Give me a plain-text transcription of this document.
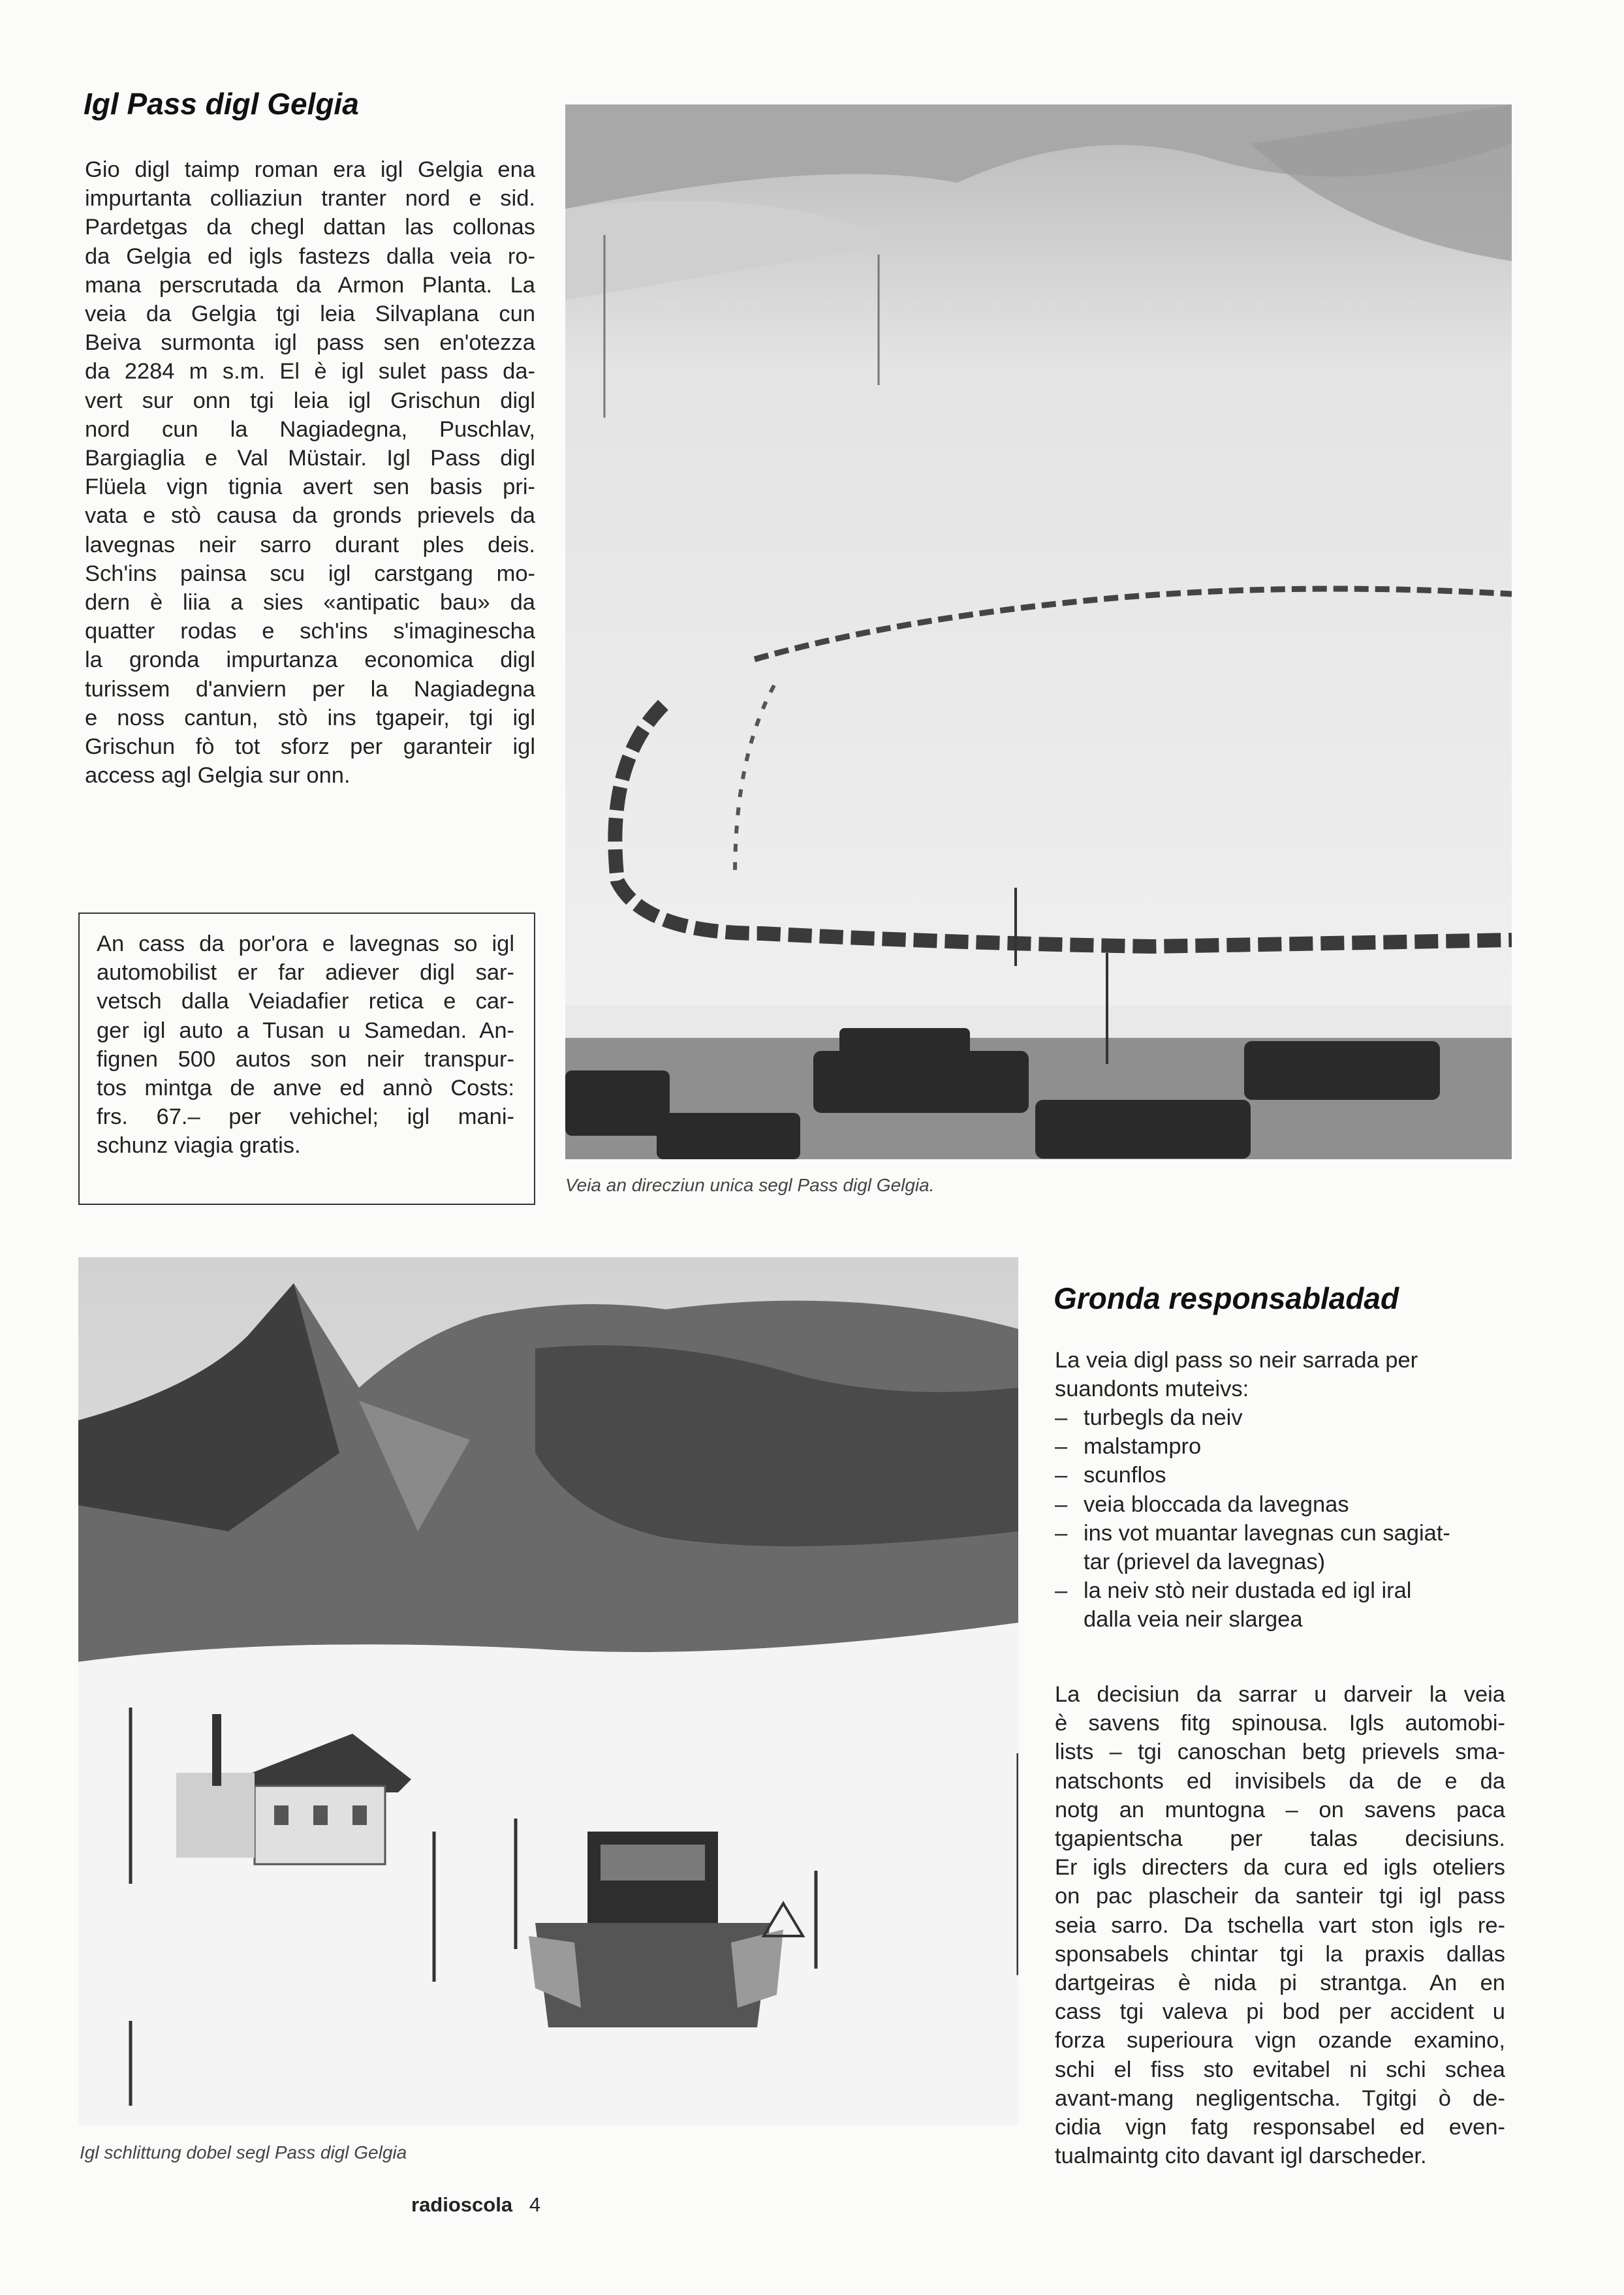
Igl Pass digl Gelgia
Gio digl taimp roman era igl Gelgia ena
impurtanta colliaziun tranter nord e sid.
Pardetgas da chegl dattan las collonas
da Gelgia ed igls fastezs dalla veia ro-
mana perscrutada da Armon Planta. La
veia da Gelgia tgi leia Silvaplana cun
Beiva surmonta igl pass sen en'otezza
da 2284 m s.m. El è igl sulet pass da-
vert sur onn tgi leia igl Grischun digl
nord cun la Nagiadegna, Puschlav,
Bargiaglia e Val Müstair. Igl Pass digl
Flüela vign tignia avert sen basis pri-
vata e stò causa da gronds prievels da
lavegnas neir sarro durant ples deis.
Sch'ins painsa scu igl carstgang mo-
dern è liia a sies «antipatic bau» da
quatter rodas e sch'ins s'imaginescha
la gronda impurtanza economica digl
turissem d'anviern per la Nagiadegna
e noss cantun, stò ins tgapeir, tgi igl
Grischun fò tot sforz per garanteir igl
access agl Gelgia sur onn.
An cass da por'ora e lavegnas so igl
automobilist er far adiever digl sar-
vetsch dalla Veiadafier retica e car-
ger igl auto a Tusan u Samedan. An-
fignen 500 autos son neir transpur-
tos mintga de anve ed annò Costs:
frs. 67.– per vehichel; igl mani-
schunz viagia gratis.

Veia an direcziun unica segl Pass digl Gelgia.

Igl schlittung dobel segl Pass digl Gelgia

Gronda responsabladad
La veia digl pass so neir sarrada per
suandonts muteivs:
– turbegls da neiv
– malstampro
– scunflos
– veia bloccada da lavegnas
– ins vot muantar lavegnas cun sagiat-
tar (prievel da lavegnas)
– la neiv stò neir dustada ed igl iral
dalla veia neir slargea
La decisiun da sarrar u darveir la veia
è savens fitg spinousa. Igls automobi-
lists – tgi canoschan betg prievels sma-
natschonts ed invisibels da de e da
notg an muntogna – on savens paca
tgapientscha per talas decisiuns.
Er igls directers da cura ed igls oteliers
on pac plascheir da santeir tgi igl pass
seia sarro. Da tschella vart ston igls re-
sponsabels chintar tgi la praxis dallas
dartgeiras è nida pi strantga. An en
cass tgi valeva pi bod per accident u
forza superioura vign ozande examino,
schi el fiss sto evitabel ni schi schea
avant-mang negligentscha. Tgitgi ò de-
cidia vign fatg responsabel ed even-
tualmaintg cito davant igl darscheder.

radioscola 4
